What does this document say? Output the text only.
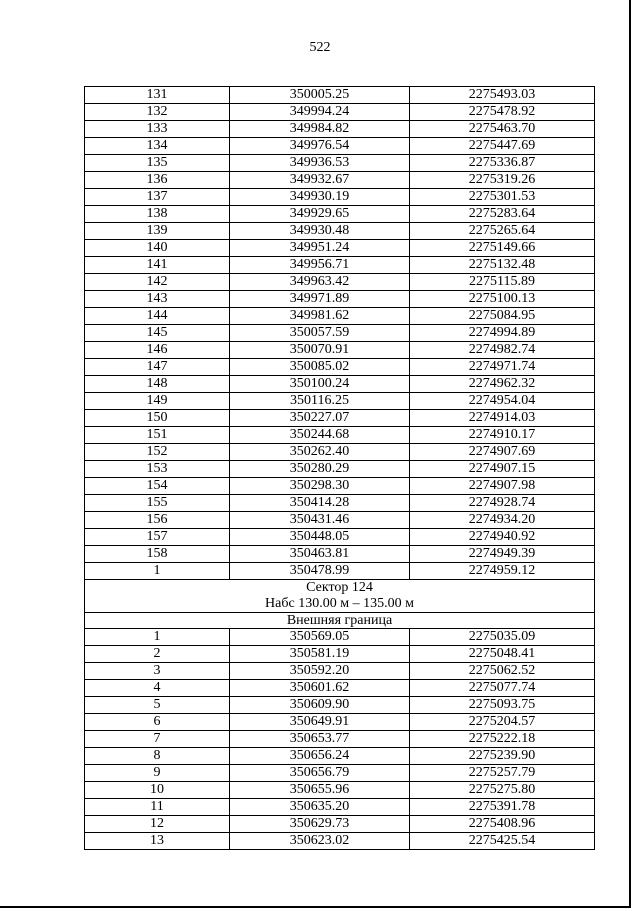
522
131	350005.25	2275493.03
132	349994.24	2275478.92
133	349984.82	2275463.70
134	349976.54	2275447.69
135	349936.53	2275336.87
136	349932.67	2275319.26
137	349930.19	2275301.53
138	349929.65	2275283.64
139	349930.48	2275265.64
140	349951.24	2275149.66
141	349956.71	2275132.48
142	349963.42	2275115.89
143	349971.89	2275100.13
144	349981.62	2275084.95
145	350057.59	2274994.89
146	350070.91	2274982.74
147	350085.02	2274971.74
148	350100.24	2274962.32
149	350116.25	2274954.04
150	350227.07	2274914.03
151	350244.68	2274910.17
152	350262.40	2274907.69
153	350280.29	2274907.15
154	350298.30	2274907.98
155	350414.28	2274928.74
156	350431.46	2274934.20
157	350448.05	2274940.92
158	350463.81	2274949.39
1	350478.99	2274959.12

Сектор 124
Набс 130.00 м – 135.00 м		

Внешняя граница		
1	350569.05	2275035.09
2	350581.19	2275048.41
3	350592.20	2275062.52
4	350601.62	2275077.74
5	350609.90	2275093.75
6	350649.91	2275204.57
7	350653.77	2275222.18
8	350656.24	2275239.90
9	350656.79	2275257.79
10	350655.96	2275275.80
11	350635.20	2275391.78
12	350629.73	2275408.96
13	350623.02	2275425.54
